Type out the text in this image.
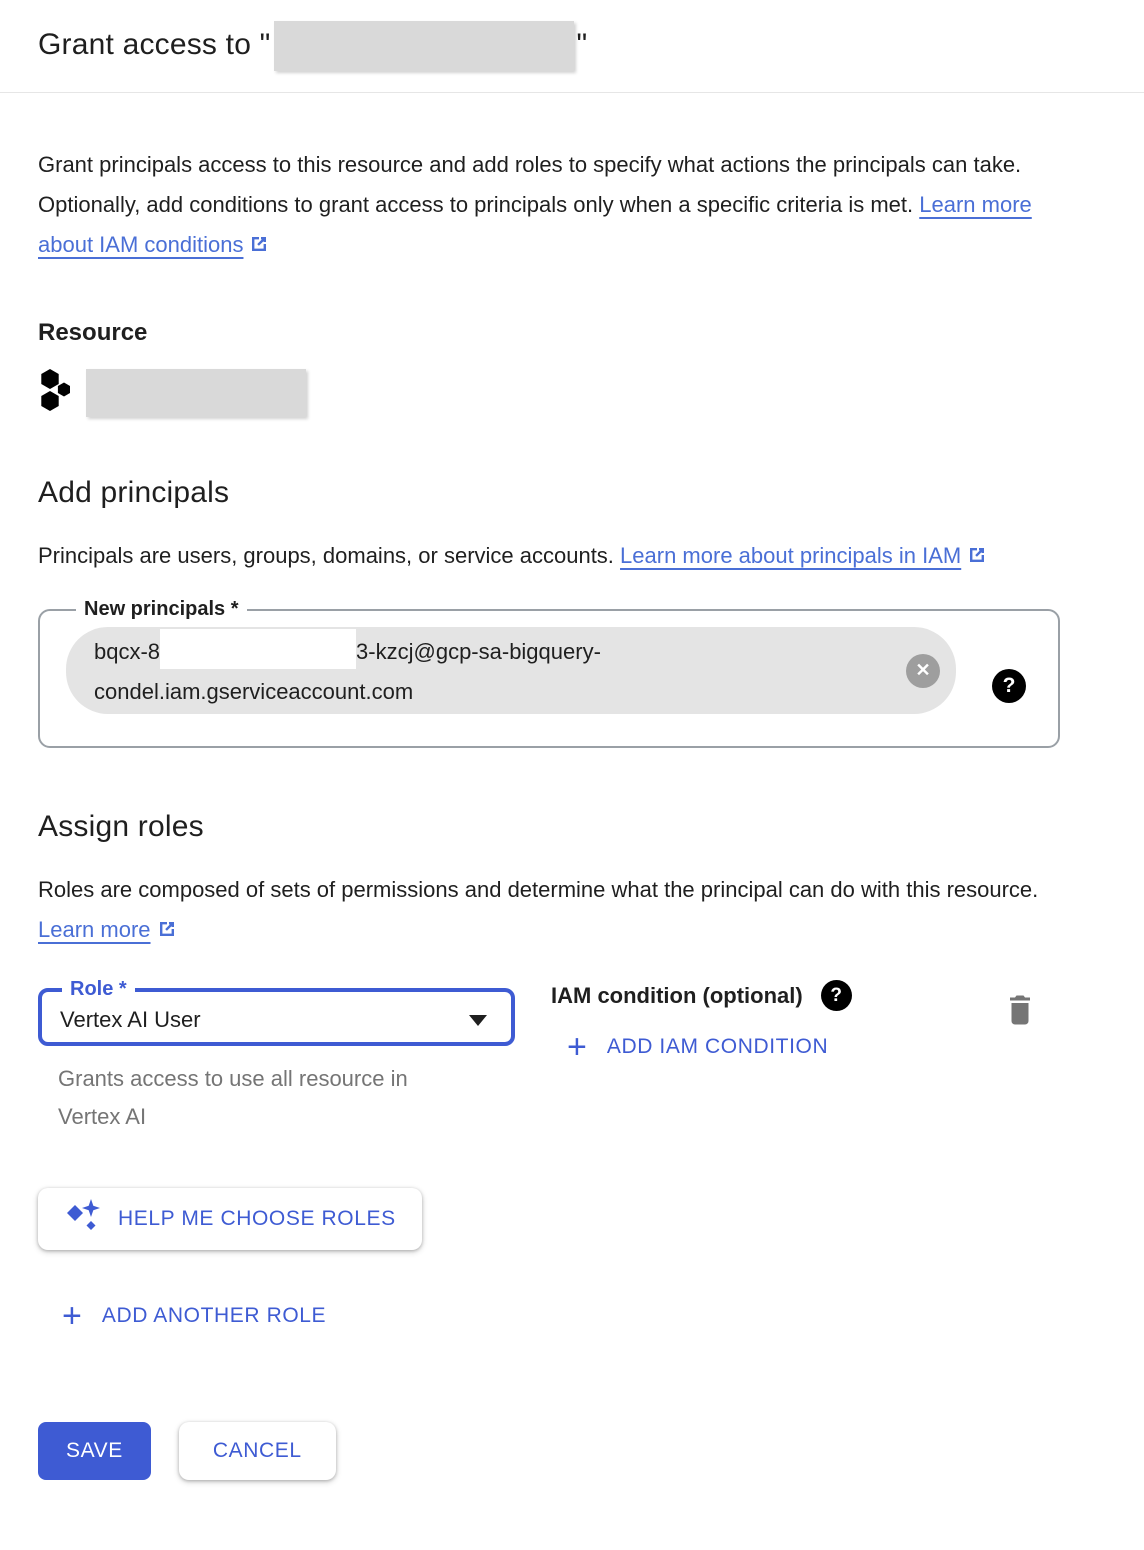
Grant access to "	"

Grant principals access to this resource and add roles to specify what actions the principals can take. Optionally, add conditions to grant access to principals only when a specific criteria is met. Learn more about IAM conditions

Resource
Add principals

Principals are users, groups, domains, or service accounts. Learn more about principals in IAM

New principals *
bqcx-8	3-kzcj@gcp-sa-bigquery-
condel.iam.gserviceaccount.com
✕
?
Assign roles

Roles are composed of sets of permissions and determine what the principal can do with this resource. Learn more

Role *
Vertex AI User
Grants access to use all resource in Vertex AI
IAM condition (optional)	?
+ ADD IAM CONDITION
HELP ME CHOOSE ROLES
+ ADD ANOTHER ROLE
SAVE	CANCEL
